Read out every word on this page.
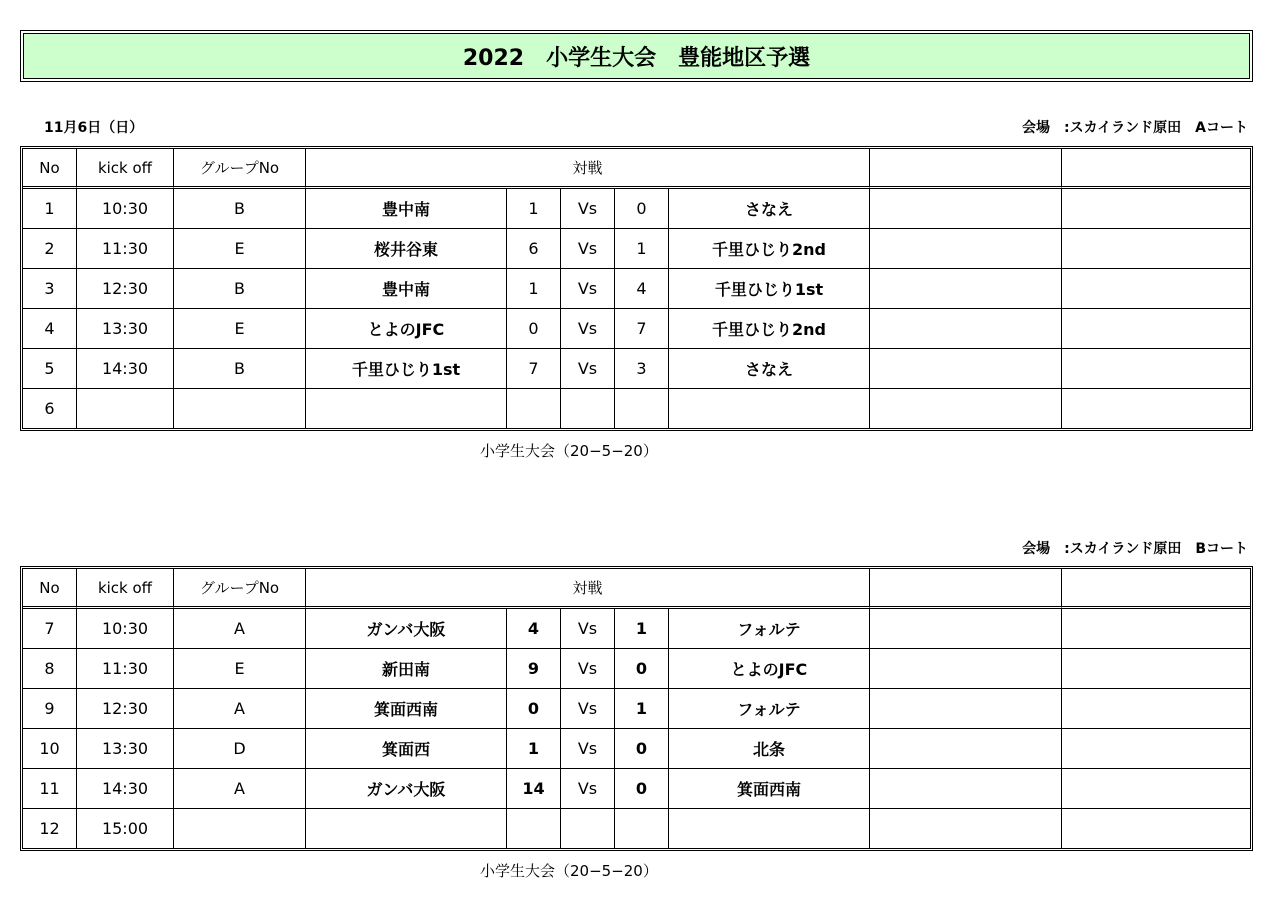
2022　小学生大会　豊能地区予選
11月6日（日）	会場　:スカイランド原田　Aコート
No	kick off	グループNo	対戦						
1	10:30	B	豊中南	1	Vs	0	さなえ		
2	11:30	E	桜井谷東	6	Vs	1	千里ひじり2nd		
3	12:30	B	豊中南	1	Vs	4	千里ひじり1st		
4	13:30	E	とよのJFC	0	Vs	7	千里ひじり2nd		
5	14:30	B	千里ひじり1st	7	Vs	3	さなえ		
6									
小学生大会（20−5−20）
会場　:スカイランド原田　Bコート
No	kick off	グループNo	対戦						
7	10:30	A	ガンバ大阪	4	Vs	1	フォルテ		
8	11:30	E	新田南	9	Vs	0	とよのJFC		
9	12:30	A	箕面西南	0	Vs	1	フォルテ		
10	13:30	D	箕面西	1	Vs	0	北条		
11	14:30	A	ガンバ大阪	14	Vs	0	箕面西南		
12	15:00								
小学生大会（20−5−20）
